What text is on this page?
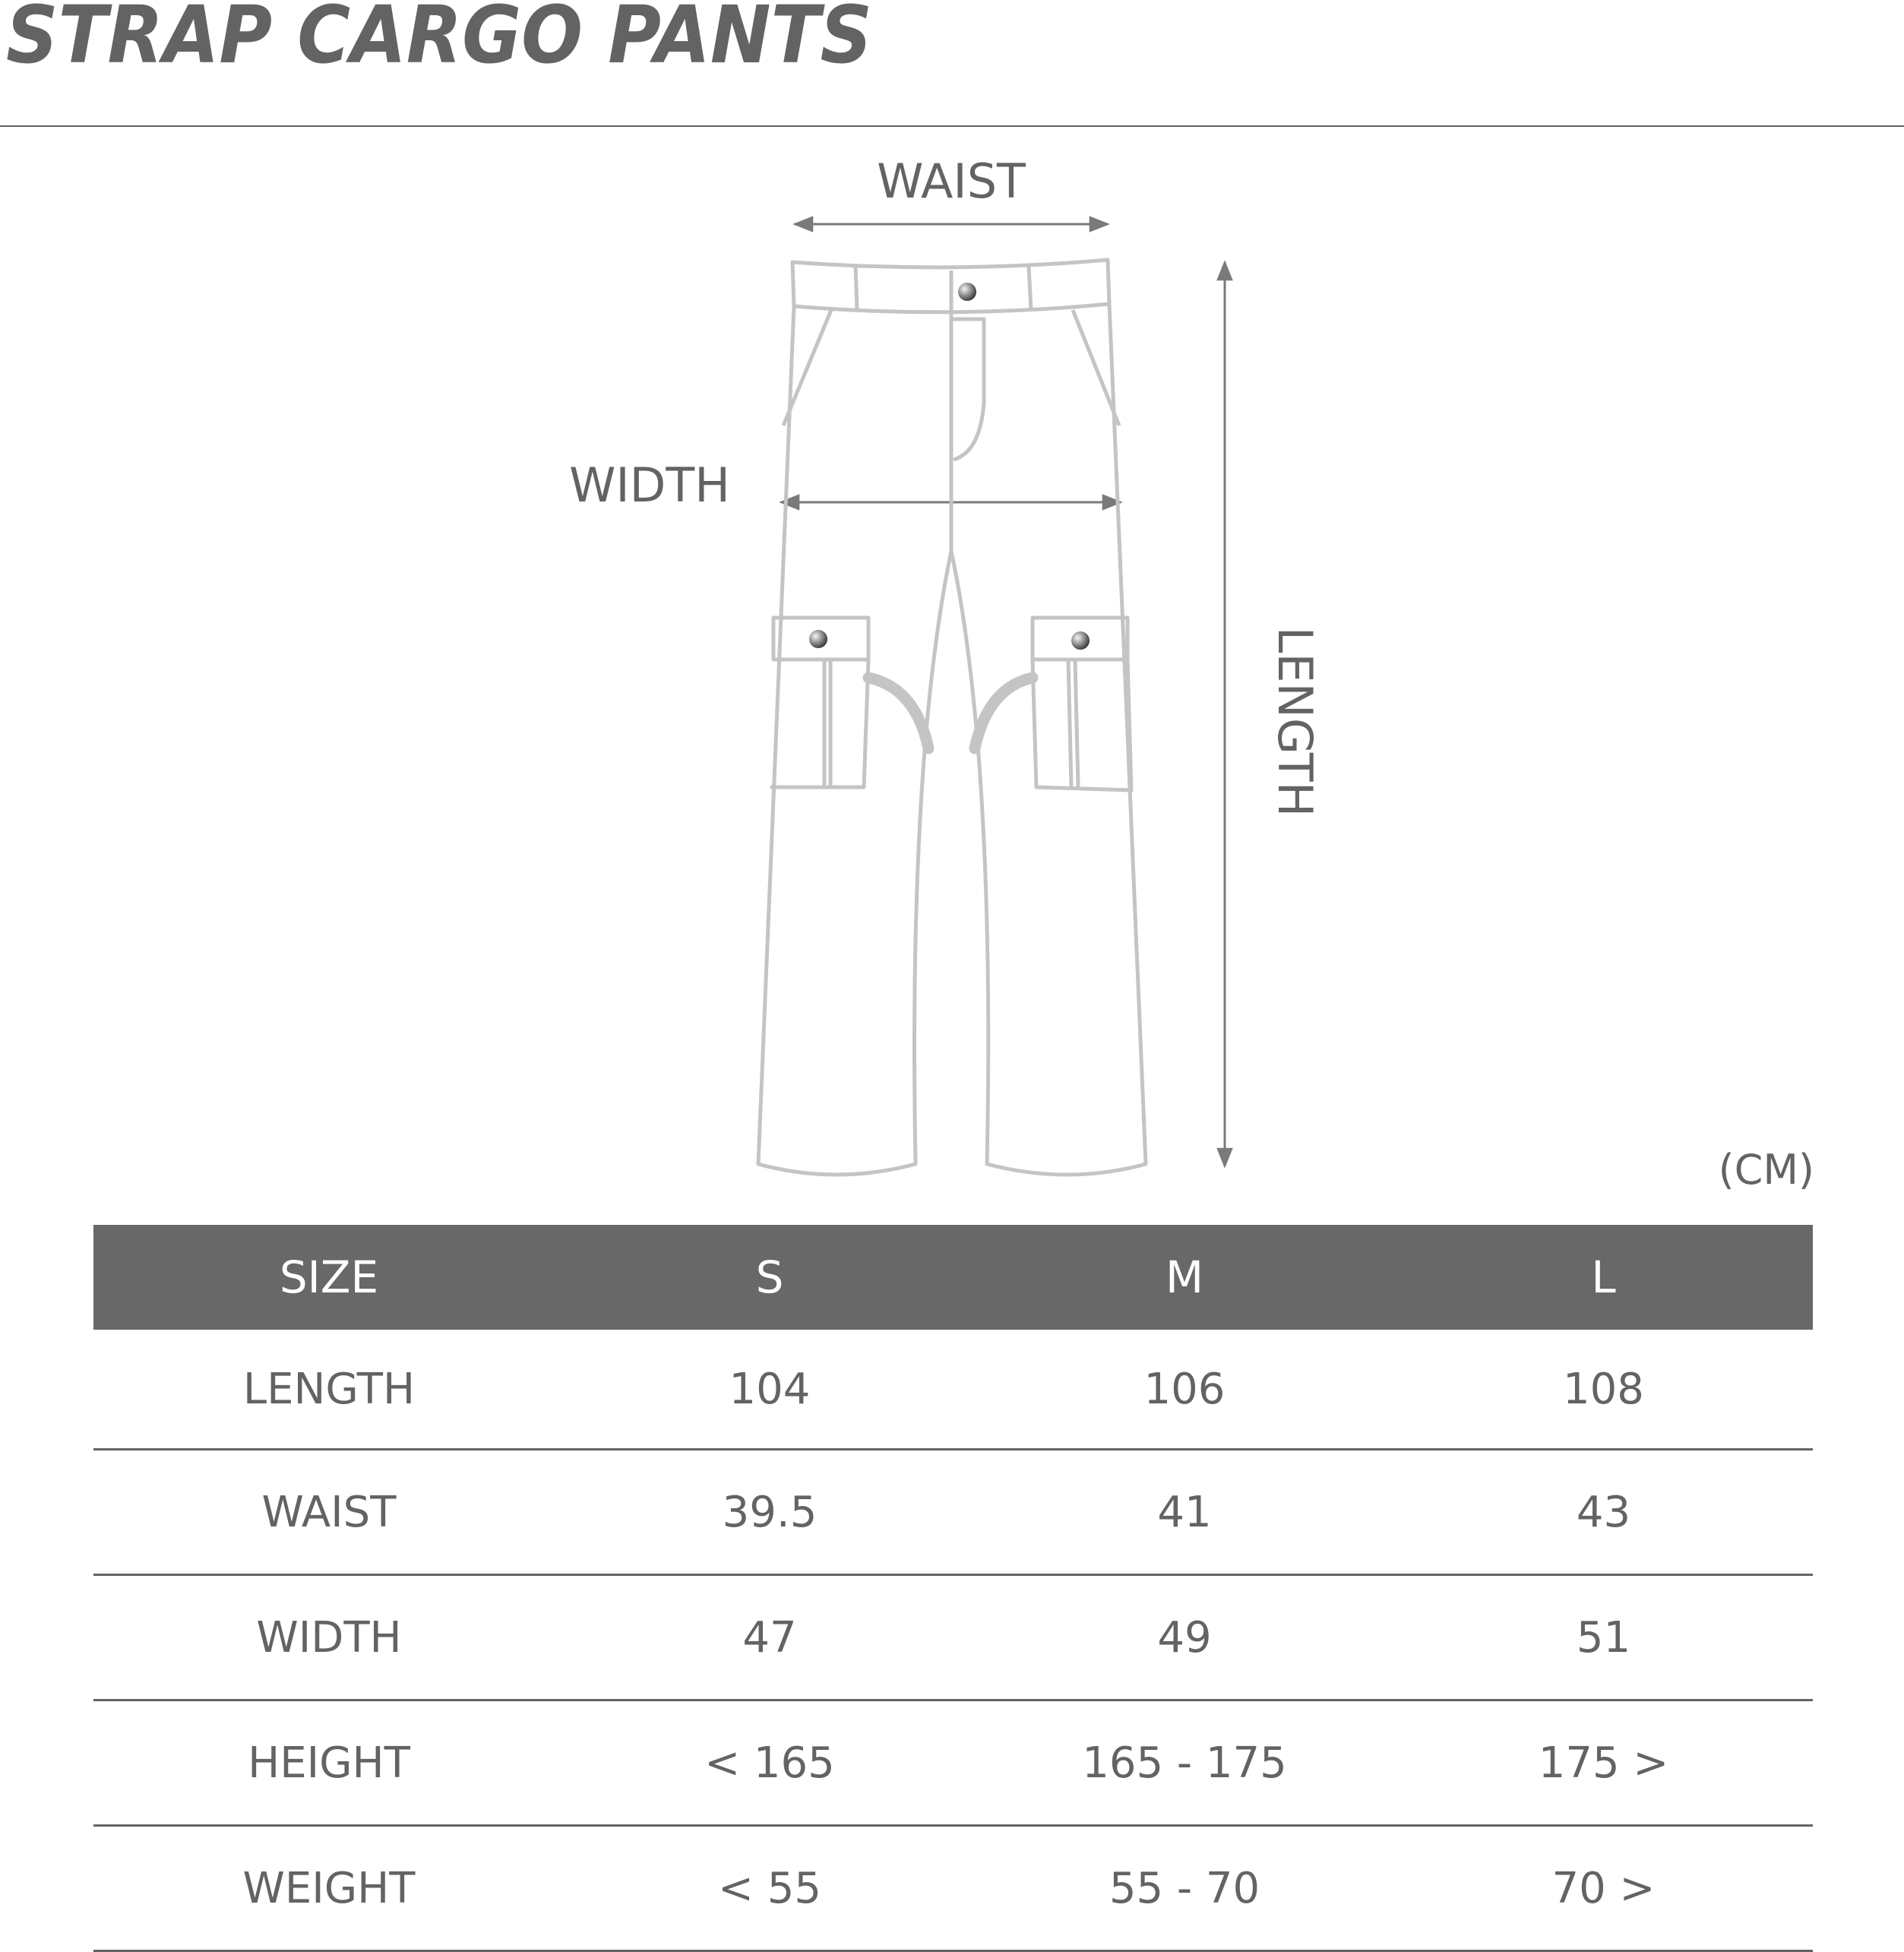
STRAP CARGO PANTS
WAIST
WIDTH
LENGTH
(CM)
SIZE	S	M	L
LENGTH	104	106	108
WAIST	39.5	41	43
WIDTH	47	49	51
HEIGHT	< 165	165 - 175	175 >
WEIGHT	< 55	55 - 70	70 >
